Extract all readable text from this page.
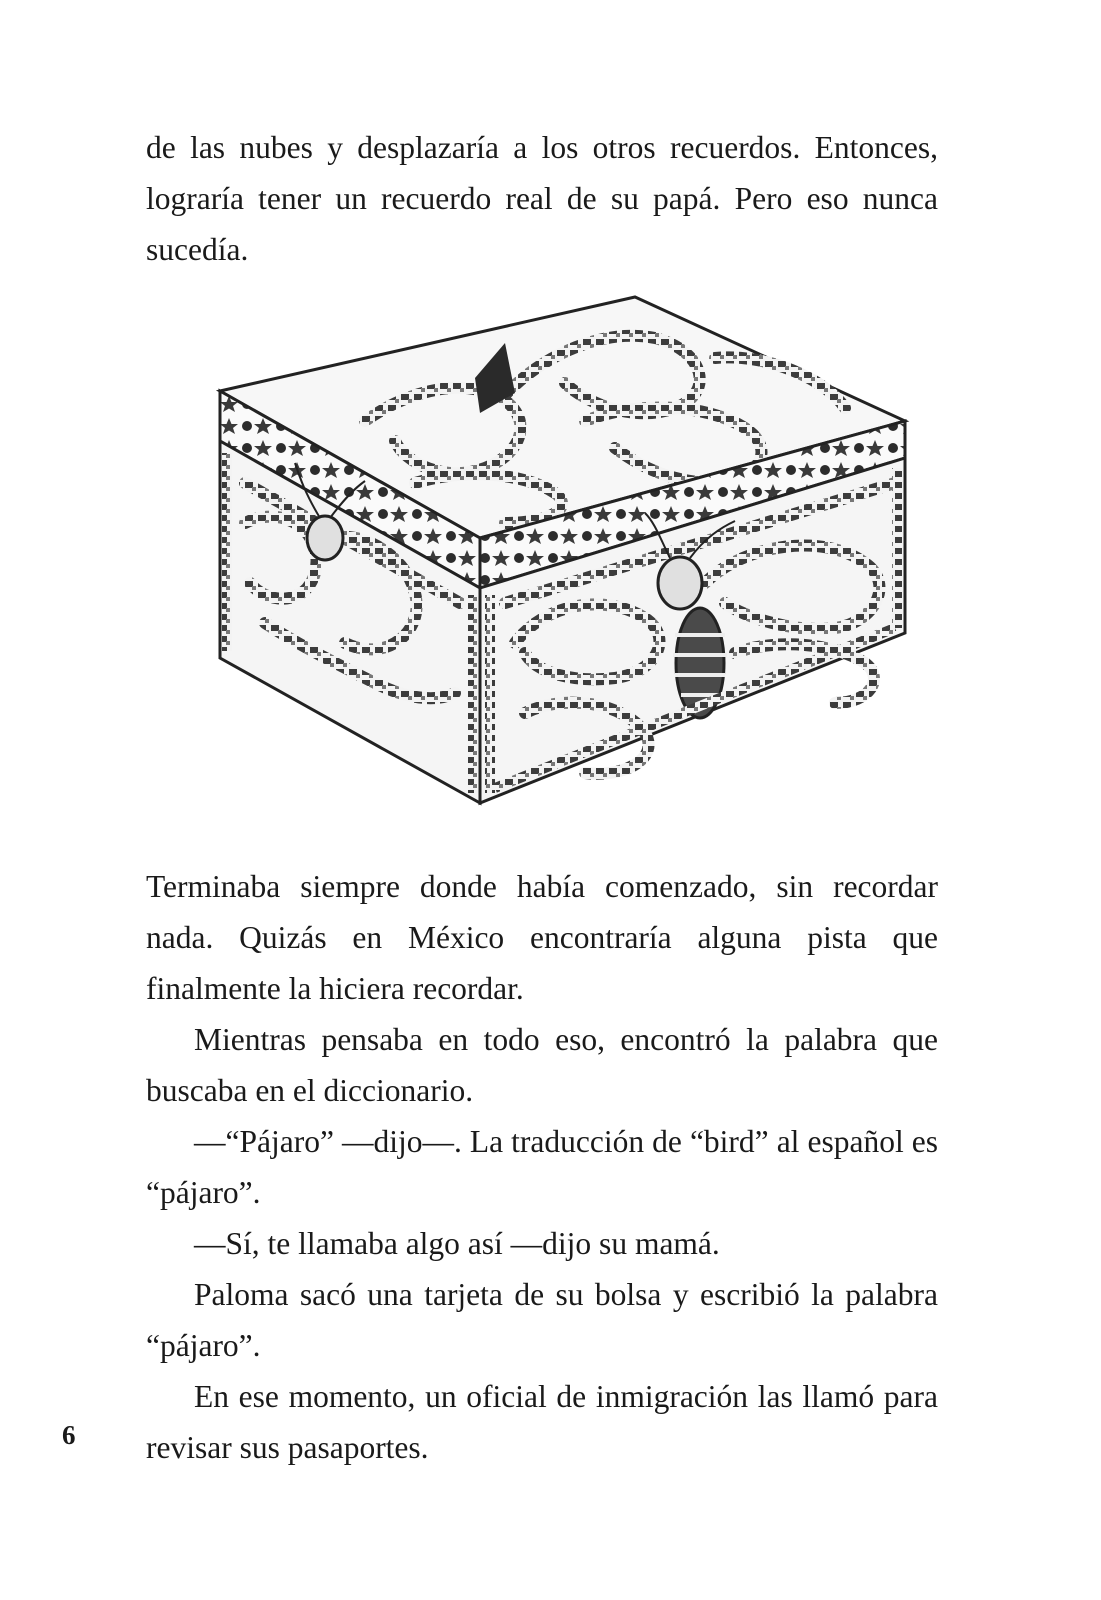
de las nubes y desplazaría a los otros recuerdos. Entonces, lograría tener un recuerdo real de su papá. Pero eso nunca sucedía.

Terminaba siempre donde había comenzado, sin recordar nada. Quizás en México encontraría alguna pista que finalmente la hiciera recordar.

Mientras pensaba en todo eso, encontró la palabra que buscaba en el diccionario.

—“Pájaro” —dijo—. La traducción de “bird” al español es “pájaro”.

—Sí, te llamaba algo así —dijo su mamá.

Paloma sacó una tarjeta de su bolsa y escribió la palabra “pájaro”.

En ese momento, un oficial de inmigración las llamó para revisar sus pasaportes.

6
